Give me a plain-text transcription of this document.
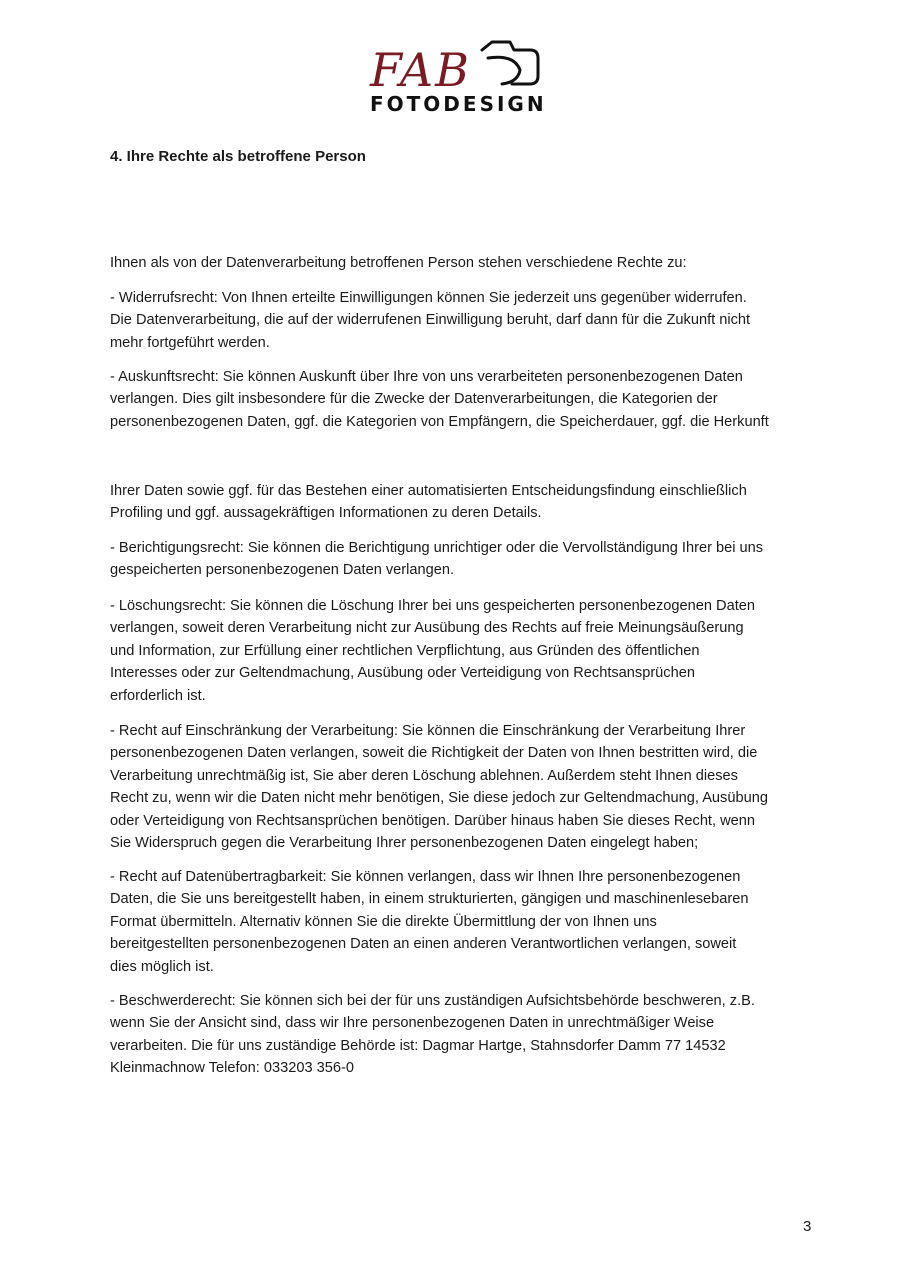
FAB
FOTODESIGN
4. Ihre Rechte als betroffene Person

Ihnen als von der Datenverarbeitung betroffenen Person stehen verschiedene Rechte zu:

- Widerrufsrecht: Von Ihnen erteilte Einwilligungen können Sie jederzeit uns gegenüber widerrufen.
Die Datenverarbeitung, die auf der widerrufenen Einwilligung beruht, darf dann für die Zukunft nicht
mehr fortgeführt werden.

- Auskunftsrecht: Sie können Auskunft über Ihre von uns verarbeiteten personenbezogenen Daten
verlangen. Dies gilt insbesondere für die Zwecke der Datenverarbeitungen, die Kategorien der
personenbezogenen Daten, ggf. die Kategorien von Empfängern, die Speicherdauer, ggf. die Herkunft

Ihrer Daten sowie ggf. für das Bestehen einer automatisierten Entscheidungsfindung einschließlich
Profiling und ggf. aussagekräftigen Informationen zu deren Details.

- Berichtigungsrecht: Sie können die Berichtigung unrichtiger oder die Vervollständigung Ihrer bei uns
gespeicherten personenbezogenen Daten verlangen.

- Löschungsrecht: Sie können die Löschung Ihrer bei uns gespeicherten personenbezogenen Daten
verlangen, soweit deren Verarbeitung nicht zur Ausübung des Rechts auf freie Meinungsäußerung
und Information, zur Erfüllung einer rechtlichen Verpflichtung, aus Gründen des öffentlichen
Interesses oder zur Geltendmachung, Ausübung oder Verteidigung von Rechtsansprüchen
erforderlich ist.

- Recht auf Einschränkung der Verarbeitung: Sie können die Einschränkung der Verarbeitung Ihrer
personenbezogenen Daten verlangen, soweit die Richtigkeit der Daten von Ihnen bestritten wird, die
Verarbeitung unrechtmäßig ist, Sie aber deren Löschung ablehnen. Außerdem steht Ihnen dieses
Recht zu, wenn wir die Daten nicht mehr benötigen, Sie diese jedoch zur Geltendmachung, Ausübung
oder Verteidigung von Rechtsansprüchen benötigen. Darüber hinaus haben Sie dieses Recht, wenn
Sie Widerspruch gegen die Verarbeitung Ihrer personenbezogenen Daten eingelegt haben;

- Recht auf Datenübertragbarkeit: Sie können verlangen, dass wir Ihnen Ihre personenbezogenen
Daten, die Sie uns bereitgestellt haben, in einem strukturierten, gängigen und maschinenlesebaren
Format übermitteln. Alternativ können Sie die direkte Übermittlung der von Ihnen uns
bereitgestellten personenbezogenen Daten an einen anderen Verantwortlichen verlangen, soweit
dies möglich ist.

- Beschwerderecht: Sie können sich bei der für uns zuständigen Aufsichtsbehörde beschweren, z.B.
wenn Sie der Ansicht sind, dass wir Ihre personenbezogenen Daten in unrechtmäßiger Weise
verarbeiten. Die für uns zuständige Behörde ist: Dagmar Hartge, Stahnsdorfer Damm 77 14532
Kleinmachnow Telefon: 033203 356-0

3
